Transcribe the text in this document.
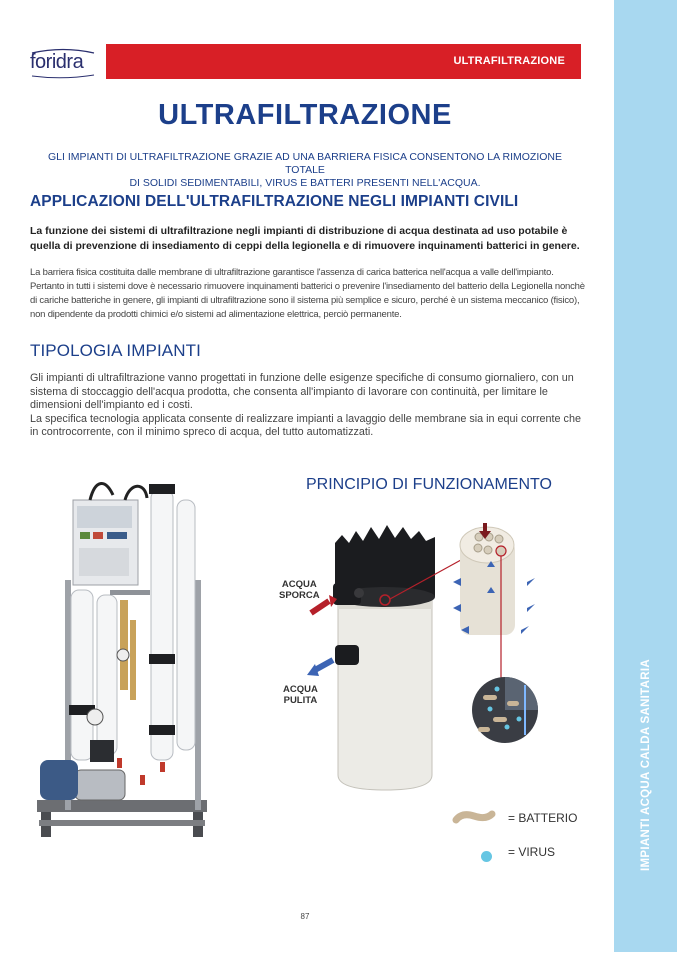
IMPIANTI ACQUA CALDA SANITARIA
foridra	ULTRAFILTRAZIONE
ULTRAFILTRAZIONE
GLI IMPIANTI DI ULTRAFILTRAZIONE GRAZIE AD UNA BARRIERA FISICA CONSENTONO LA RIMOZIONE TOTALE
DI SOLIDI SEDIMENTABILI, VIRUS E BATTERI PRESENTI NELL'ACQUA.
APPLICAZIONI DELL'ULTRAFILTRAZIONE NEGLI IMPIANTI CIVILI

La funzione dei sistemi di ultrafiltrazione negli impianti di distribuzione di acqua destinata ad uso potabile è quella di prevenzione di insediamento di ceppi della legionella e di rimuovere inquinamenti batterici in genere.

La barriera fisica costituita dalle membrane di ultrafiltrazione garantisce l'assenza di carica batterica nell'acqua a valle dell'impianto. Pertanto in tutti i sistemi dove è necessario rimuovere inquinamenti batterici o prevenire l'insediamento del batterio della Legionella nonchè di cariche batteriche in genere, gli impianti di ultrafiltrazione sono il sistema più semplice e sicuro, perché è un sistema meccanico (fisico), non dipendente da prodotti chimici e/o sistemi ad alimentazione elettrica, perciò permanente.

TIPOLOGIA IMPIANTI

Gli impianti di ultrafiltrazione vanno progettati in funzione delle esigenze specifiche di consumo giornaliero, con un sistema di stoccaggio dell'acqua prodotta, che consenta all'impianto di lavorare con continuità, per limitare le dimensioni dell'impianto ed i costi.

La specifica tecnologia applicata consente di realizzare impianti a lavaggio delle membrane sia in equi corrente che in controcorrente, con il minimo spreco di acqua, del tutto automatizzati.

PRINCIPIO DI FUNZIONAMENTO
ACQUA
SPORCA
ACQUA
PULITA
= BATTERIO
= VIRUS
87
